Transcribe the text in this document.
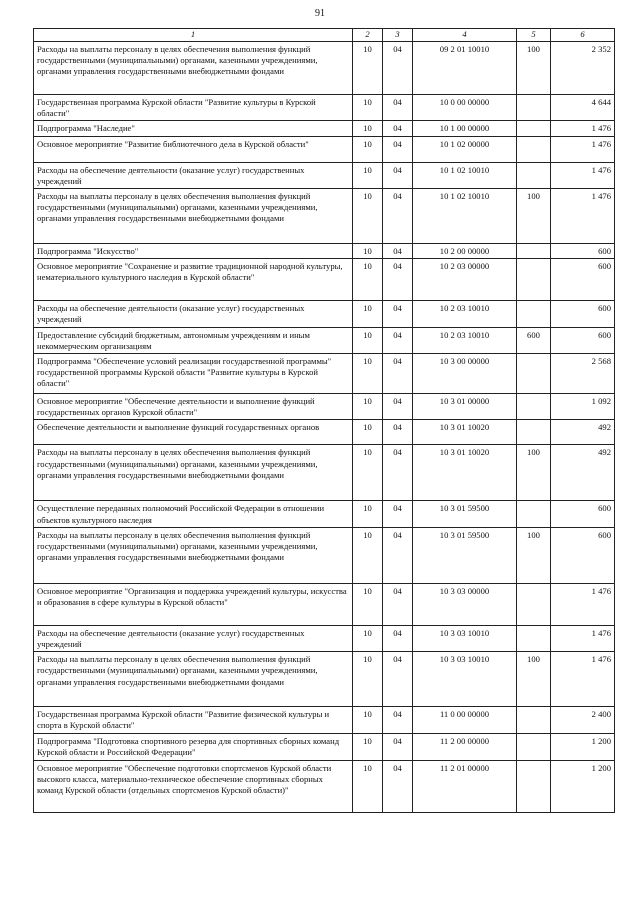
91
1	2	3	4	5	6
Расходы на выплаты персоналу в целях обеспечения выполнения функций государственными (муниципальными) органами, казенными учреждениями, органами управления государственными внебюджетными фондами	10	04	09 2 01 10010	100	2 352
Государственная программа Курской области "Развитие культуры в Курской области"	10	04	10 0 00 00000		4 644
Подпрограмма "Наследие"	10	04	10 1 00 00000		1 476
Основное мероприятие "Развитие библиотечного дела в Курской области"	10	04	10 1 02 00000		1 476
Расходы на обеспечение деятельности (оказание услуг) государственных учреждений	10	04	10 1 02 10010		1 476
Расходы на выплаты персоналу в целях обеспечения выполнения функций государственными (муниципальными) органами, казенными учреждениями, органами управления государственными внебюджетными фондами	10	04	10 1 02 10010	100	1 476
Подпрограмма "Искусство"	10	04	10 2 00 00000		600
Основное мероприятие "Сохранение и развитие традиционной народной культуры, нематериального культурного наследия в Курской области"	10	04	10 2 03 00000		600
Расходы на обеспечение деятельности (оказание услуг) государственных учреждений	10	04	10 2 03 10010		600
Предоставление субсидий бюджетным, автономным учреждениям и иным некоммерческим организациям	10	04	10 2 03 10010	600	600
Подпрограмма "Обеспечение условий реализации государственной программы" государственной программы Курской области "Развитие культуры в Курской области"	10	04	10 3 00 00000		2 568
Основное мероприятие "Обеспечение деятельности и выполнение функций государственных органов Курской области"	10	04	10 3 01 00000		1 092
Обеспечение деятельности и выполнение функций государственных органов	10	04	10 3 01 10020		492
Расходы на выплаты персоналу в целях обеспечения выполнения функций государственными (муниципальными) органами, казенными учреждениями, органами управления государственными внебюджетными фондами	10	04	10 3 01 10020	100	492
Осуществление переданных полномочий Российской Федерации в отношении объектов культурного наследия	10	04	10 3 01 59500		600
Расходы на выплаты персоналу в целях обеспечения выполнения функций государственными (муниципальными) органами, казенными учреждениями, органами управления государственными внебюджетными фондами	10	04	10 3 01 59500	100	600
Основное мероприятие "Организация и поддержка учреждений культуры, искусства и образования в сфере культуры в Курской области"	10	04	10 3 03 00000		1 476
Расходы на обеспечение деятельности (оказание услуг) государственных учреждений	10	04	10 3 03 10010		1 476
Расходы на выплаты персоналу в целях обеспечения выполнения функций государственными (муниципальными) органами, казенными учреждениями, органами управления государственными внебюджетными фондами	10	04	10 3 03 10010	100	1 476
Государственная программа Курской области "Развитие физической культуры и спорта в Курской области"	10	04	11 0 00 00000		2 400
Подпрограмма "Подготовка спортивного резерва для спортивных сборных команд Курской области и Российской Федерации"	10	04	11 2 00 00000		1 200
Основное мероприятие "Обеспечение подготовки спортсменов Курской области высокого класса, материально-техническое обеспечение спортивных сборных команд Курской области (отдельных спортсменов Курской области)"	10	04	11 2 01 00000		1 200
